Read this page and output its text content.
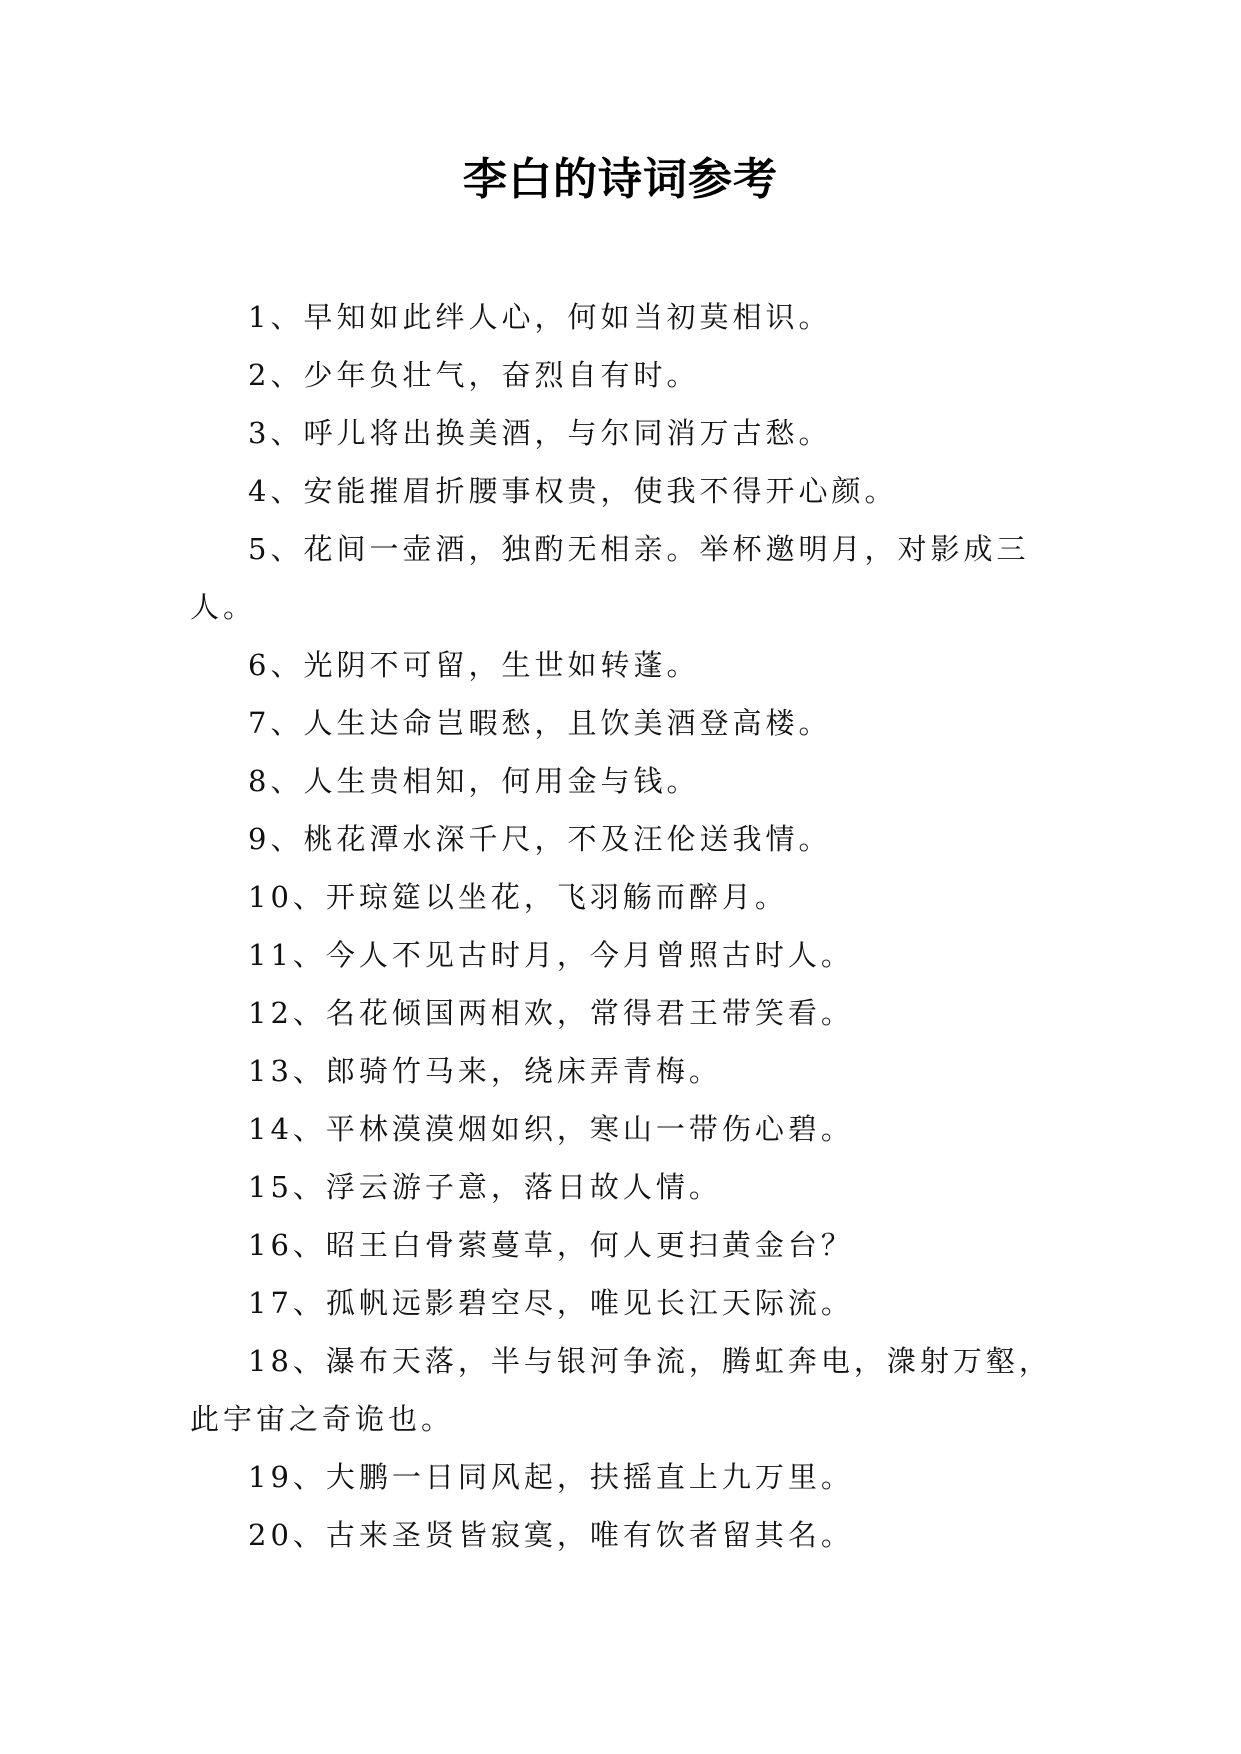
李白的诗词参考

1、早知如此绊人心，何如当初莫相识。

2、少年负壮气，奋烈自有时。

3、呼儿将出换美酒，与尔同消万古愁。

4、安能摧眉折腰事权贵，使我不得开心颜。

5、花间一壶酒，独酌无相亲。举杯邀明月，对影成三人。

6、光阴不可留，生世如转蓬。

7、人生达命岂暇愁，且饮美酒登高楼。

8、人生贵相知，何用金与钱。

9、桃花潭水深千尺，不及汪伦送我情。

10、开琼筵以坐花，飞羽觞而醉月。

11、今人不见古时月，今月曾照古时人。

12、名花倾国两相欢，常得君王带笑看。

13、郎骑竹马来，绕床弄青梅。

14、平林漠漠烟如织，寒山一带伤心碧。

15、浮云游子意，落日故人情。

16、昭王白骨萦蔓草，何人更扫黄金台？

17、孤帆远影碧空尽，唯见长江天际流。

18、瀑布天落，半与银河争流，腾虹奔电，潨射万壑，此宇宙之奇诡也。

19、大鹏一日同风起，扶摇直上九万里。

20、古来圣贤皆寂寞，唯有饮者留其名。
